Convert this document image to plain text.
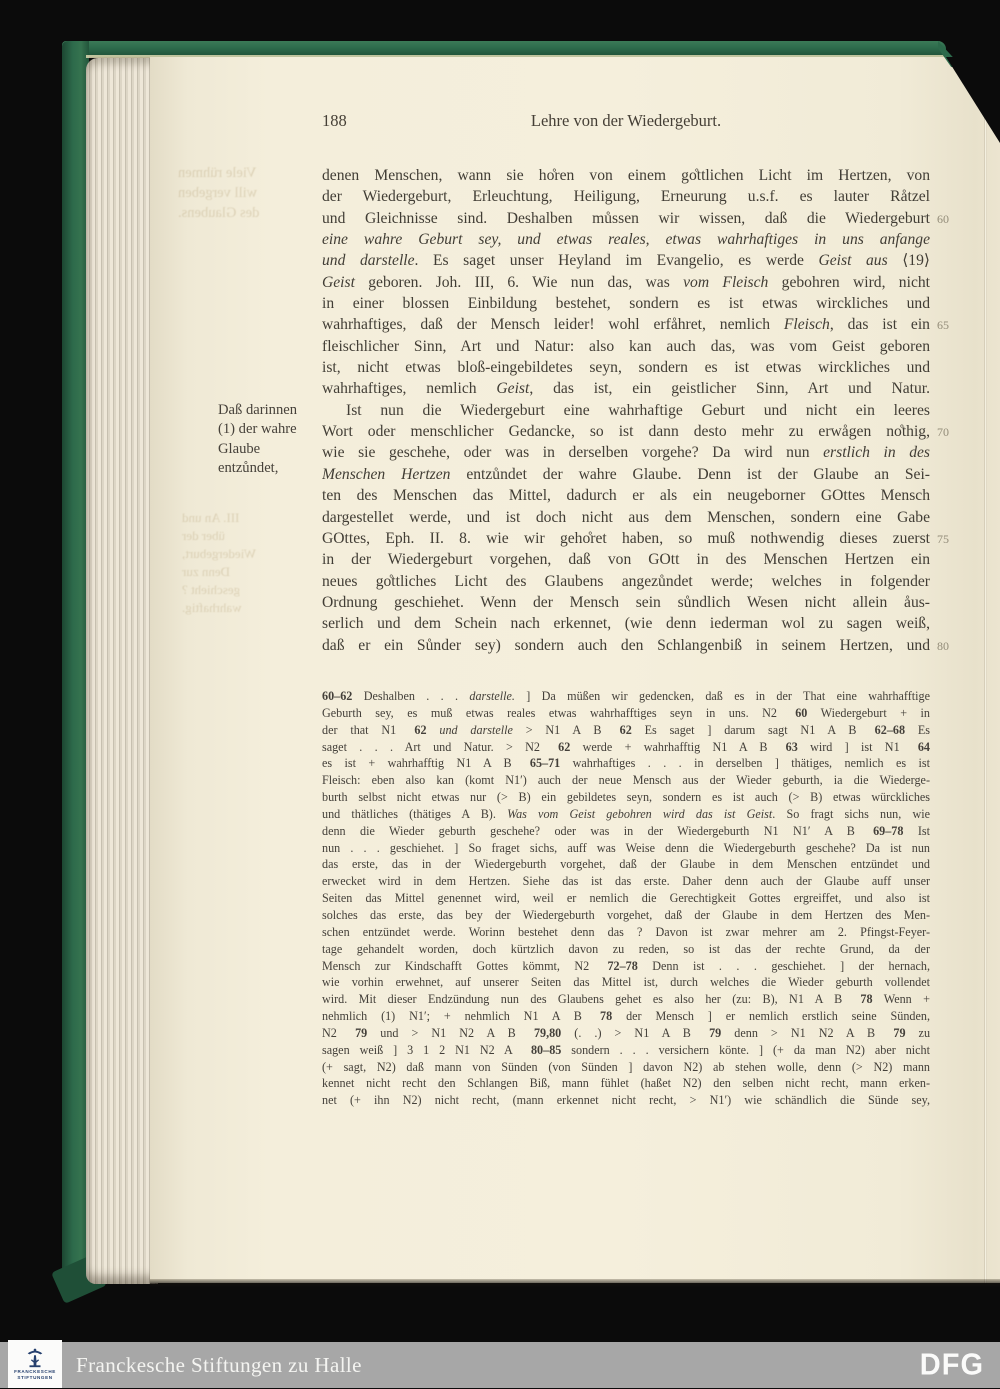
188	Lehre von der Wiedergeburt.
Daß darinnen
(1) der wahre
Glaube
entzůndet,
denen Menschen, wann sie ho̊ren von einem go̊ttlichen Licht im Hertzen, von
der Wiedergeburt, Erleuchtung, Heiligung, Erneurung u.s.f. es lauter Råtzel
und Gleichnisse sind. Deshalben můssen wir wissen, daß die Wiedergeburt
eine wahre Geburt sey, und etwas reales, etwas wahrhaftiges in uns anfange
und darstelle. Es saget unser Heyland im Evangelio, es werde Geist aus ⟨19⟩
Geist geboren. Joh. III, 6. Wie nun das, was vom Fleisch gebohren wird, nicht
in einer blossen Einbildung bestehet, sondern es ist etwas wirckliches und
wahrhaftiges, daß der Mensch leider! wohl erfåhret, nemlich Fleisch, das ist ein
fleischlicher Sinn, Art und Natur: also kan auch das, was vom Geist geboren
ist, nicht etwas bloß-eingebildetes seyn, sondern es ist etwas wirckliches und
wahrhaftiges, nemlich Geist, das ist, ein geistlicher Sinn, Art und Natur.
Ist nun die Wiedergeburt eine wahrhaftige Geburt und nicht ein leeres
Wort oder menschlicher Gedancke, so ist dann desto mehr zu erwågen no̊thig,
wie sie geschehe, oder was in derselben vorgehe? Da wird nun erstlich in des
Menschen Hertzen entzůndet der wahre Glaube. Denn ist der Glaube an Sei-
ten des Menschen das Mittel, dadurch er als ein neugeborner GOttes Mensch
dargestellet werde, und ist doch nicht aus dem Menschen, sondern eine Gabe
GOttes, Eph. II. 8. wie wir geho̊ret haben, so muß nothwendig dieses zuerst
in der Wiedergeburt vorgehen, daß von GOtt in des Menschen Hertzen ein
neues go̊ttliches Licht des Glaubens angezůndet werde; welches in folgender
Ordnung geschiehet. Wenn der Mensch sein sůndlich Wesen nicht allein åus-
serlich und dem Schein nach erkennet, (wie denn iederman wol zu sagen weiß,
daß er ein Sůnder sey) sondern auch den Schlangenbiß in seinem Hertzen, und
60–62 Deshalben . . . darstelle. ] Da müßen wir gedencken, daß es in der That eine wahrhafftige
Geburth sey, es muß etwas reales etwas wahrhafftiges seyn in uns. N2   60 Wiedergeburt + in
der that N1   62 und darstelle > N1 A B   62 Es saget ] darum sagt N1 A B   62–68 Es
saget . . . Art und Natur. > N2   62 werde + wahrhafftig N1 A B   63 wird ] ist N1   64
es ist + wahrhafftig N1 A B   65–71 wahrhaftiges . . . in derselben ] thätiges, nemlich es ist
Fleisch: eben also kan (komt N1′) auch der neue Mensch aus der Wieder geburth, ia die Wiederge-
burth selbst nicht etwas nur (> B) ein gebildetes seyn, sondern es ist auch (> B) etwas würckliches
und thätliches (thätiges A B). Was vom Geist gebohren wird das ist Geist. So fragt sichs nun, wie
denn die Wieder geburth geschehe? oder was in der Wiedergeburth N1 N1′ A B   69–78 Ist
nun . . . geschiehet. ] So fraget sichs, auff was Weise denn die Wiedergeburth geschehe? Da ist nun
das erste, das in der Wiedergeburth vorgehet, daß der Glaube in dem Menschen entzündet und
erwecket wird in dem Hertzen. Siehe das ist das erste. Daher denn auch der Glaube auff unser
Seiten das Mittel genennet wird, weil er nemlich die Gerechtigkeit Gottes ergreiffet, und also ist
solches das erste, das bey der Wiedergeburth vorgehet, daß der Glaube in dem Hertzen des Men-
schen entzündet werde. Worinn bestehet denn das ? Davon ist zwar mehrer am 2. Pfingst-Feyer-
tage gehandelt worden, doch kürtzlich davon zu reden, so ist das der rechte Grund, da der
Mensch zur Kindschafft Gottes kömmt, N2   72–78 Denn ist . . . geschiehet. ] der hernach,
wie vorhin erwehnet, auf unserer Seiten das Mittel ist, durch welches die Wieder geburth vollendet
wird. Mit dieser Endzündung nun des Glaubens gehet es also her (zu: B), N1 A B   78 Wenn +
nehmlich (1) N1′; + nehmlich N1 A B   78 der Mensch ] er nemlich erstlich seine Sünden,
N2   79 und > N1 N2 A B   79,80 (. .) > N1 A B   79 denn > N1 N2 A B   79 zu
sagen weiß ] 3 1 2 N1 N2 A   80–85 sondern . . . versichern könte. ] (+ da man N2) aber nicht
(+ sagt, N2) daß mann von Sünden (von Sünden ] davon N2) ab stehen wolle, denn (> N2) mann
kennet nicht recht den Schlangen Biß, mann fühlet (haßet N2) den selben nicht recht, mann erken-
net (+ ihn N2) nicht recht, (mann erkennet nicht recht, > N1′) wie schändlich die Sünde sey,
Viele rühmen
will vergeben
des Glaubens.
III. An und
über der
Wiedergeburt,
Denn zur
geschieht ?
wahrhaftig.
60
65
70
75
80
FRANCKESCHE
STIFTUNGEN
Franckesche Stiftungen zu Halle	DFG
